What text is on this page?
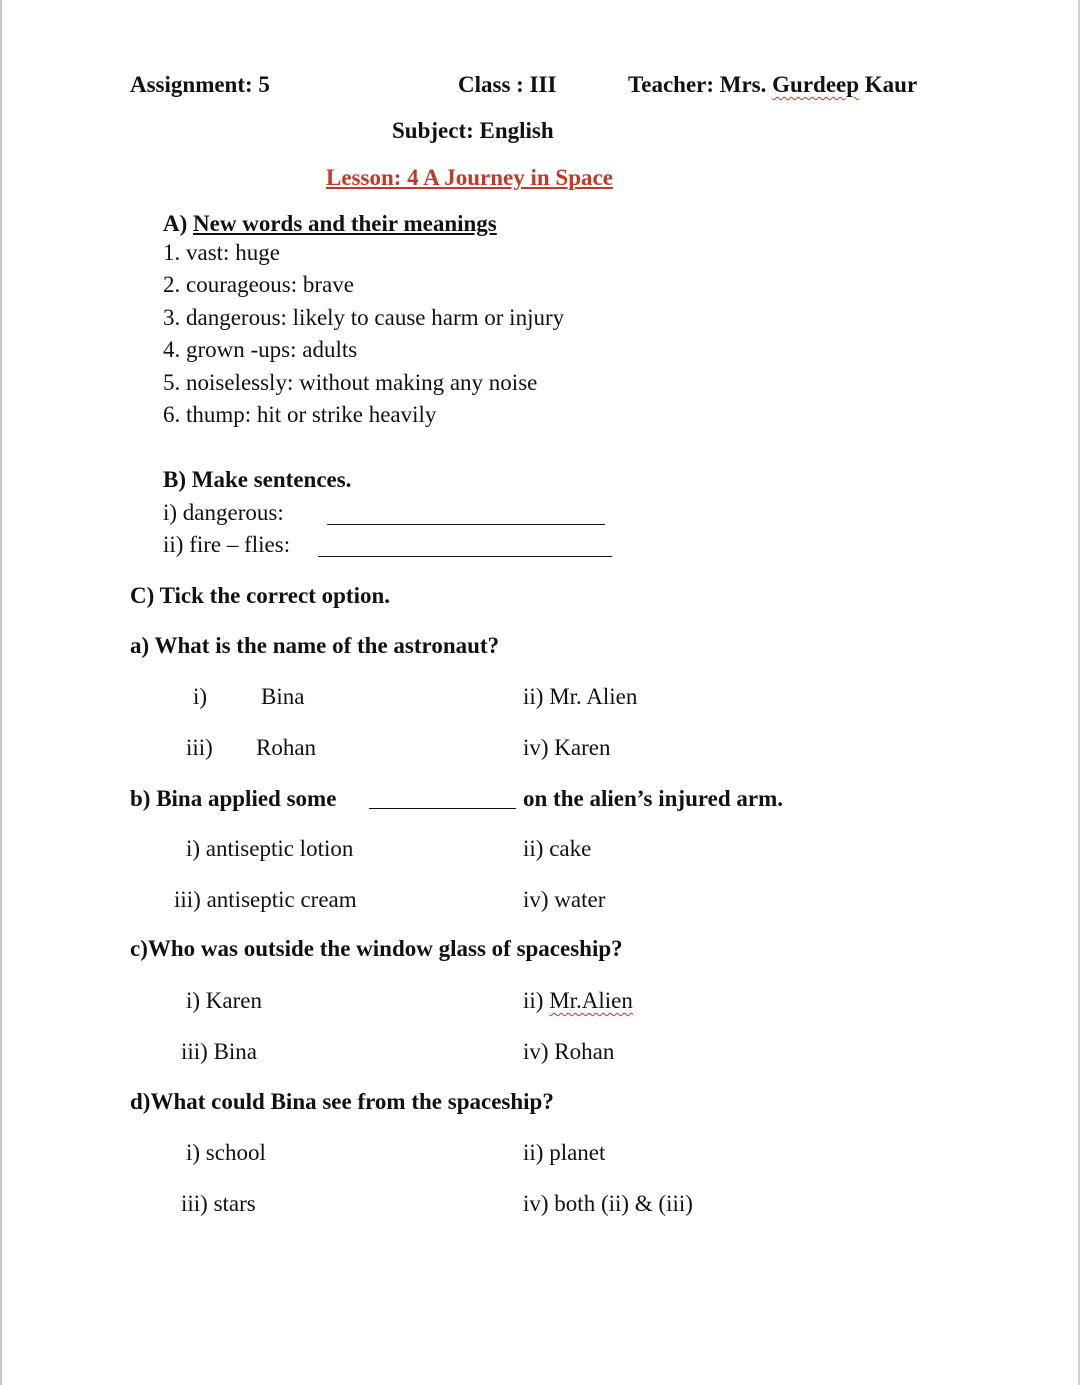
Assignment: 5	Class : III	Teacher: Mrs. Gurdeep Kaur
Subject: English
Lesson: 4 A Journey in Space
A) New words and their meanings
1. vast: huge
2. courageous: brave
3. dangerous: likely to cause harm or injury
4. grown -ups: adults
5. noiselessly: without making any noise
6. thump: hit or strike heavily
B) Make sentences.
i) dangerous:
ii) fire – flies:
C) Tick the correct option.
a) What is the name of the astronaut?
i) Bina	ii) Mr. Alien
iii) Rohan	iv) Karen
b) Bina applied some	on the alien’s injured arm.
i) antiseptic lotion	ii) cake
iii) antiseptic cream	iv) water
c)Who was outside the window glass of spaceship?
i) Karen	ii) Mr.Alien
iii) Bina	iv) Rohan
d)What could Bina see from the spaceship?
i) school	ii) planet
iii) stars	iv) both (ii) & (iii)
